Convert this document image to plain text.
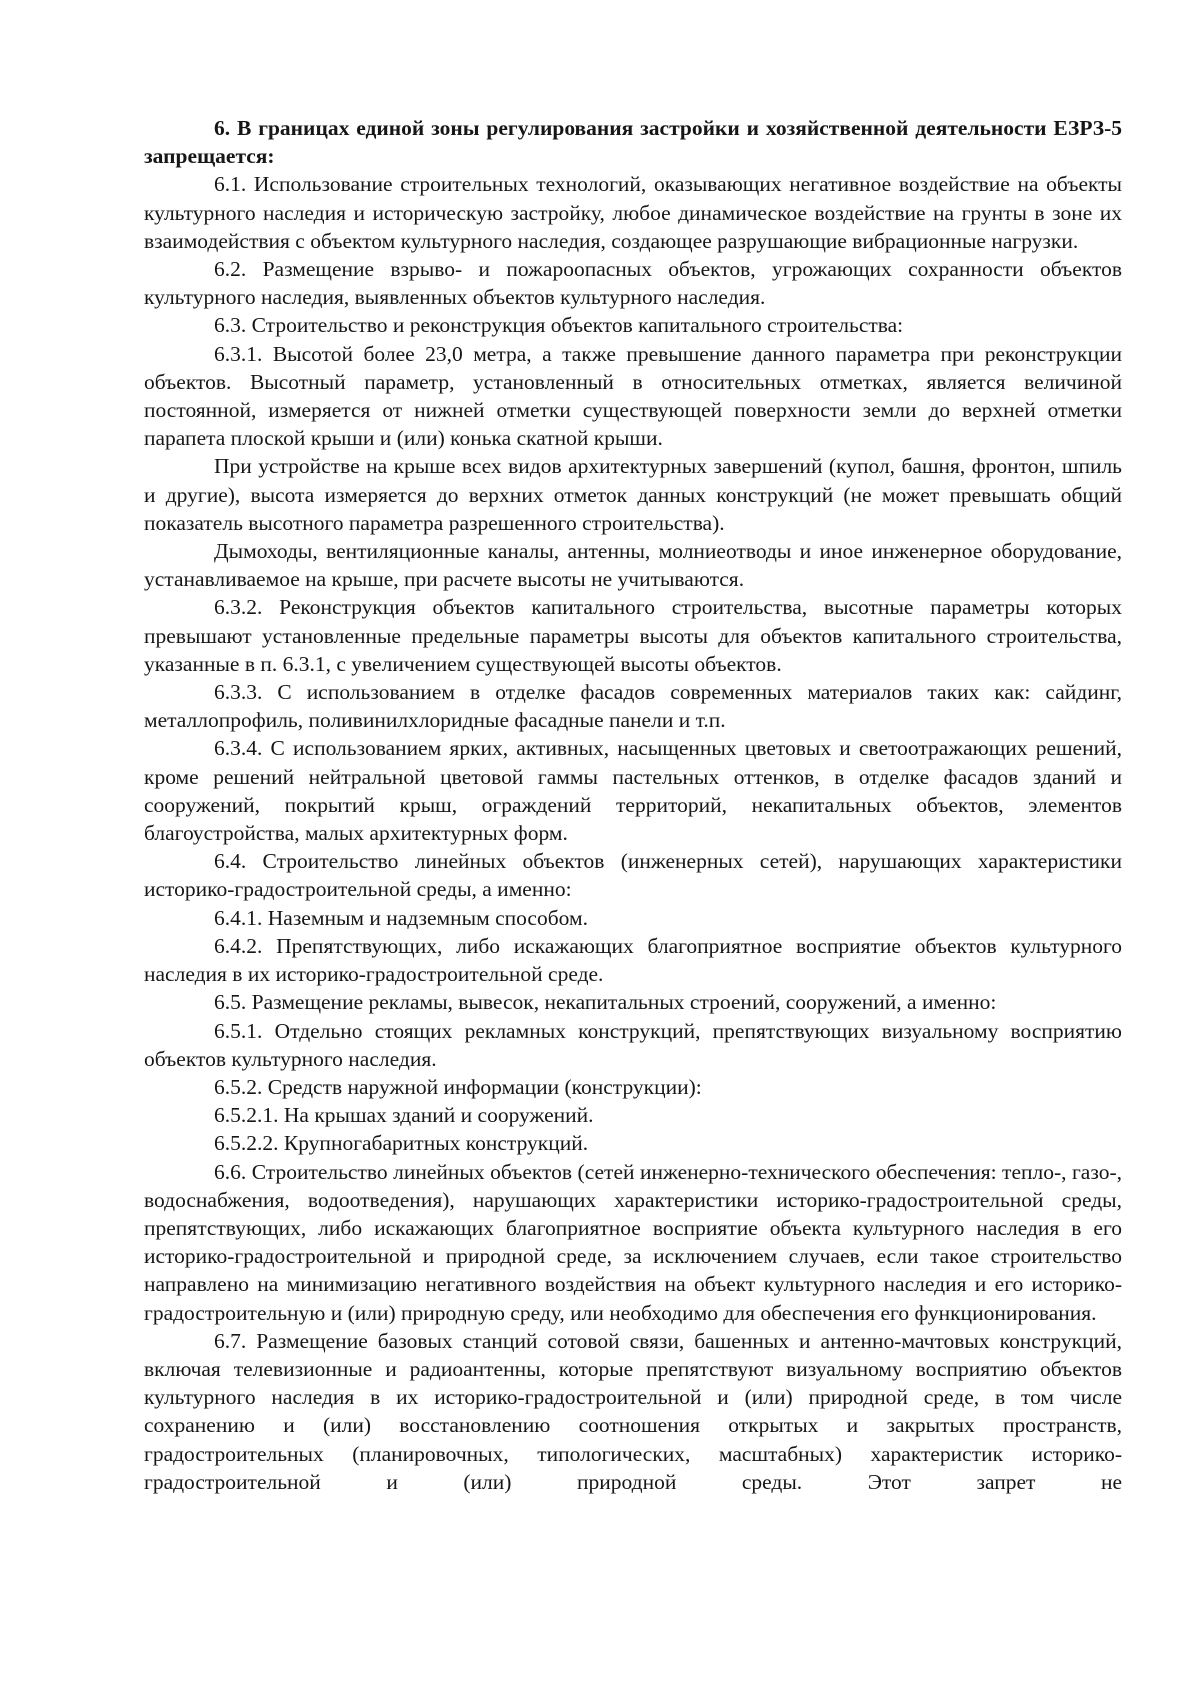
6. В границах единой зоны регулирования застройки и хозяйственной деятельности ЕЗРЗ-5 запрещается:

6.1. Использование строительных технологий, оказывающих негативное воздействие на объекты культурного наследия и историческую застройку, любое динамическое воздействие на грунты в зоне их взаимодействия с объектом культурного наследия, создающее разрушающие вибрационные нагрузки.

6.2. Размещение взрыво- и пожароопасных объектов, угрожающих сохранности объектов культурного наследия, выявленных объектов культурного наследия.

6.3. Строительство и реконструкция объектов капитального строительства:

6.3.1. Высотой более 23,0 метра, а также превышение данного параметра при реконструкции объектов. Высотный параметр, установленный в относительных отметках, является величиной постоянной, измеряется от нижней отметки существующей поверхности земли до верхней отметки парапета плоской крыши и (или) конька скатной крыши.

При устройстве на крыше всех видов архитектурных завершений (купол, башня, фронтон, шпиль и другие), высота измеряется до верхних отметок данных конструкций (не может превышать общий показатель высотного параметра разрешенного строительства).

Дымоходы, вентиляционные каналы, антенны, молниеотводы и иное инженерное оборудование, устанавливаемое на крыше, при расчете высоты не учитываются.

6.3.2. Реконструкция объектов капитального строительства, высотные параметры которых превышают установленные предельные параметры высоты для объектов капитального строительства, указанные в п. 6.3.1, с увеличением существующей высоты объектов.

6.3.3. С использованием в отделке фасадов современных материалов таких как: сайдинг, металлопрофиль, поливинилхлоридные фасадные панели и т.п.

6.3.4. С использованием ярких, активных, насыщенных цветовых и светоотражающих решений, кроме решений нейтральной цветовой гаммы пастельных оттенков, в отделке фасадов зданий и сооружений, покрытий крыш, ограждений территорий, некапитальных объектов, элементов благоустройства, малых архитектурных форм.

6.4. Строительство линейных объектов (инженерных сетей), нарушающих характеристики историко-градостроительной среды, а именно:

6.4.1. Наземным и надземным способом.

6.4.2. Препятствующих, либо искажающих благоприятное восприятие объектов культурного наследия в их историко-градостроительной среде.

6.5. Размещение рекламы, вывесок, некапитальных строений, сооружений, а именно:

6.5.1. Отдельно стоящих рекламных конструкций, препятствующих визуальному восприятию объектов культурного наследия.

6.5.2. Средств наружной информации (конструкции):

6.5.2.1. На крышах зданий и сооружений.

6.5.2.2. Крупногабаритных конструкций.

6.6. Строительство линейных объектов (сетей инженерно-технического обеспечения: тепло-, газо-, водоснабжения, водоотведения), нарушающих характеристики историко-градостроительной среды, препятствующих, либо искажающих благоприятное восприятие объекта культурного наследия в его историко-градостроительной и природной среде, за исключением случаев, если такое строительство направлено на минимизацию негативного воздействия на объект культурного наследия и его историко-градостроительную и (или) природную среду, или необходимо для обеспечения его функционирования.

6.7. Размещение базовых станций сотовой связи, башенных и антенно-мачтовых конструкций, включая телевизионные и радиоантенны, которые препятствуют визуальному восприятию объектов культурного наследия в их историко-градостроительной и (или) природной среде, в том числе сохранению и (или) восстановлению соотношения открытых и закрытых пространств, градостроительных (планировочных, типологических, масштабных) характеристик историко-градостроительной и (или) природной среды. Этот запрет не
